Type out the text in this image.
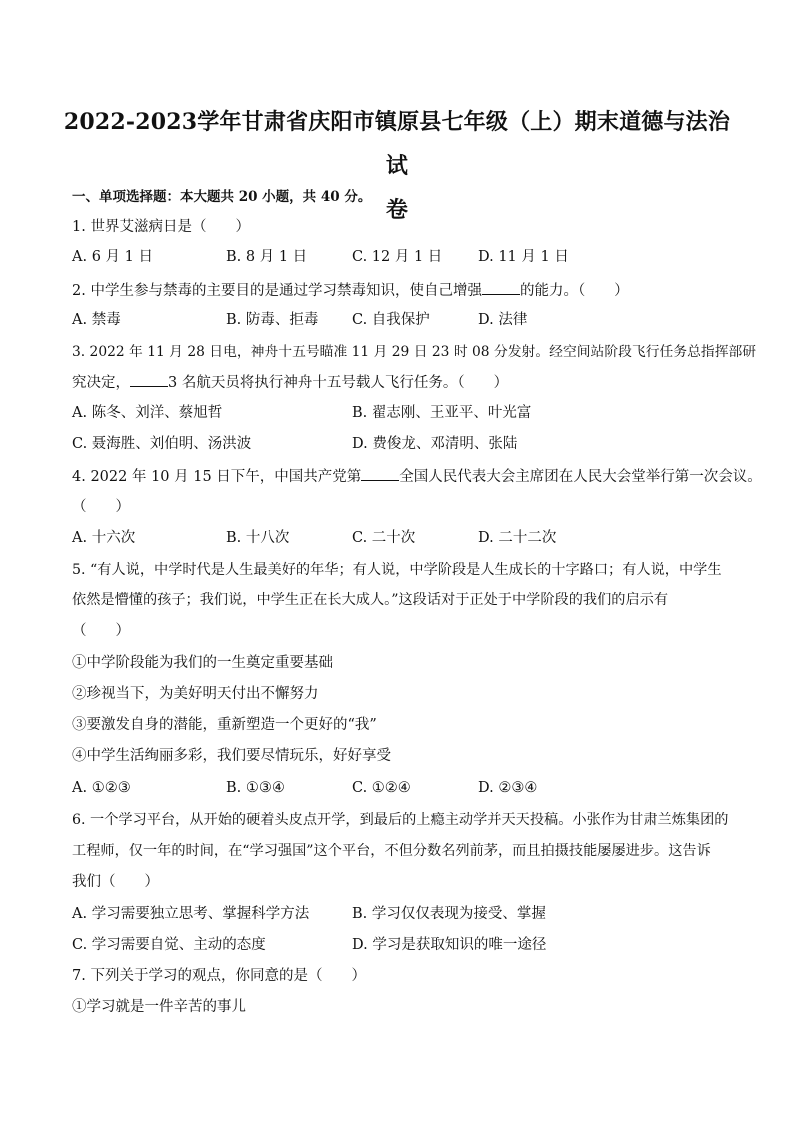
2022-2023学年甘肃省庆阳市镇原县七年级（上）期末道德与法治试
卷
一、单项选择题：本大题共 20 小题，共 40 分。
1. 世界艾滋病日是（　　）
A. 6 月 1 日	B. 8 月 1 日	C. 12 月 1 日 D. 11 月 1 日
2. 中学生参与禁毒的主要目的是通过学习禁毒知识，使自己增强	的能力。（　　）
A. 禁毒	B. 防毒、拒毒 C. 自我保护	D. 法律
3. 2022 年 11 月 28 日电，神舟十五号瞄准 11 月 29 日 23 时 08 分发射。经空间站阶段飞行任务总指挥部研
究决定，	3 名航天员将执行神舟十五号载人飞行任务。（　　）
A. 陈冬、刘洋、蔡旭哲	B. 翟志刚、王亚平、叶光富
C. 聂海胜、刘伯明、汤洪波	D. 费俊龙、邓清明、张陆
4. 2022 年 10 月 15 日下午，中国共产党第	全国人民代表大会主席团在人民大会堂举行第一次会议。
（　　）
A. 十六次	B. 十八次	C. 二十次	D. 二十二次
5. “有人说，中学时代是人生最美好的年华；有人说，中学阶段是人生成长的十字路口；有人说，中学生
依然是懵懂的孩子；我们说，中学生正在长大成人。”这段话对于正处于中学阶段的我们的启示有
（　　）
①中学阶段能为我们的一生奠定重要基础
②珍视当下，为美好明天付出不懈努力
③要激发自身的潜能，重新塑造一个更好的“我”
④中学生活绚丽多彩，我们要尽情玩乐，好好享受
A. ①②③	B. ①③④	C. ①②④	D. ②③④
6. 一个学习平台，从开始的硬着头皮点开学，到最后的上瘾主动学并天天投稿。小张作为甘肃兰炼集团的
工程师，仅一年的时间，在“学习强国”这个平台，不但分数名列前茅，而且拍摄技能屡屡进步。这告诉
我们（　　）
A. 学习需要独立思考、掌握科学方法	B. 学习仅仅表现为接受、掌握
C. 学习需要自觉、主动的态度	D. 学习是获取知识的唯一途径
7. 下列关于学习的观点，你同意的是（　　）
①学习就是一件辛苦的事儿
